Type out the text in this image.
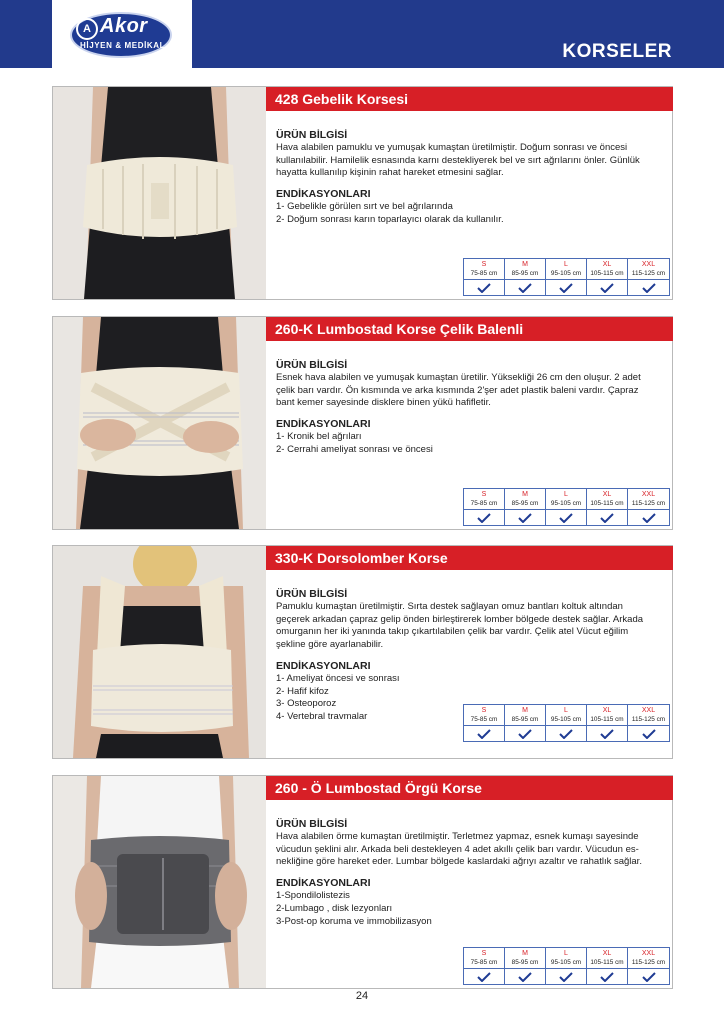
A Akor
HİJYEN & MEDİKAL	KORSELER
428 Gebelik Korsesi
ÜRÜN BİLGİSİ
Hava alabilen pamuklu ve yumuşak kumaştan üretilmiştir. Doğum sonrası ve öncesi
kullanılabilir. Hamilelik esnasında karnı destekliyerek bel ve sırt ağrılarını önler. Günlük
hayatta kullanılıp kişinin rahat hareket etmesini sağlar.
ENDİKASYONLARI
1- Gebelikle görülen sırt ve bel ağrılarında
2- Doğum sonrası karın toparlayıcı olarak da kullanılır.
S
75-85 cm
M
85-95 cm
L
95-105 cm
XL
105-115 cm
XXL
115-125 cm
260-K Lumbostad Korse Çelik Balenli
ÜRÜN BİLGİSİ
Esnek hava alabilen ve yumuşak kumaştan üretilir. Yüksekliği 26 cm den oluşur. 2 adet
çelik barı vardır. Ön kısmında ve arka kısmında 2'şer adet plastik baleni vardır. Çapraz
bant kemer sayesinde disklere binen yükü hafifletir.
ENDİKASYONLARI
1- Kronik bel ağrıları
2- Cerrahi ameliyat sonrası ve öncesi
S
75-85 cm
M
85-95 cm
L
95-105 cm
XL
105-115 cm
XXL
115-125 cm
330-K Dorsolomber Korse
ÜRÜN BİLGİSİ
Pamuklu kumaştan üretilmiştir. Sırta destek sağlayan omuz bantları koltuk altından
geçerek arkadan çapraz gelip önden birleştirerek lomber bölgede destek sağlar. Arkada
omurganın her iki yanında takıp çıkartılabilen çelik bar vardır. Çelik atel Vücut eğilim
şekline göre ayarlanabilir.
ENDİKASYONLARI
1- Ameliyat öncesi ve sonrası
2- Hafif kifoz
3- Osteoporoz
4- Vertebral travmalar
S
75-85 cm
M
85-95 cm
L
95-105 cm
XL
105-115 cm
XXL
115-125 cm
260 - Ö Lumbostad Örgü Korse
ÜRÜN BİLGİSİ
Hava alabilen örme kumaştan üretilmiştir. Terletmez yapmaz, esnek kumaşı sayesinde
vücudun şeklini alır. Arkada beli destekleyen 4 adet akıllı çelik barı vardır. Vücudun es-
nekliğine göre hareket eder. Lumbar bölgede kaslardaki ağrıyı azaltır ve rahatlık sağlar.
ENDİKASYONLARI
1-Spondilolistezis
2-Lumbago , disk lezyonları
3-Post-op koruma ve immobilizasyon
S
75-85 cm
M
85-95 cm
L
95-105 cm
XL
105-115 cm
XXL
115-125 cm
24
